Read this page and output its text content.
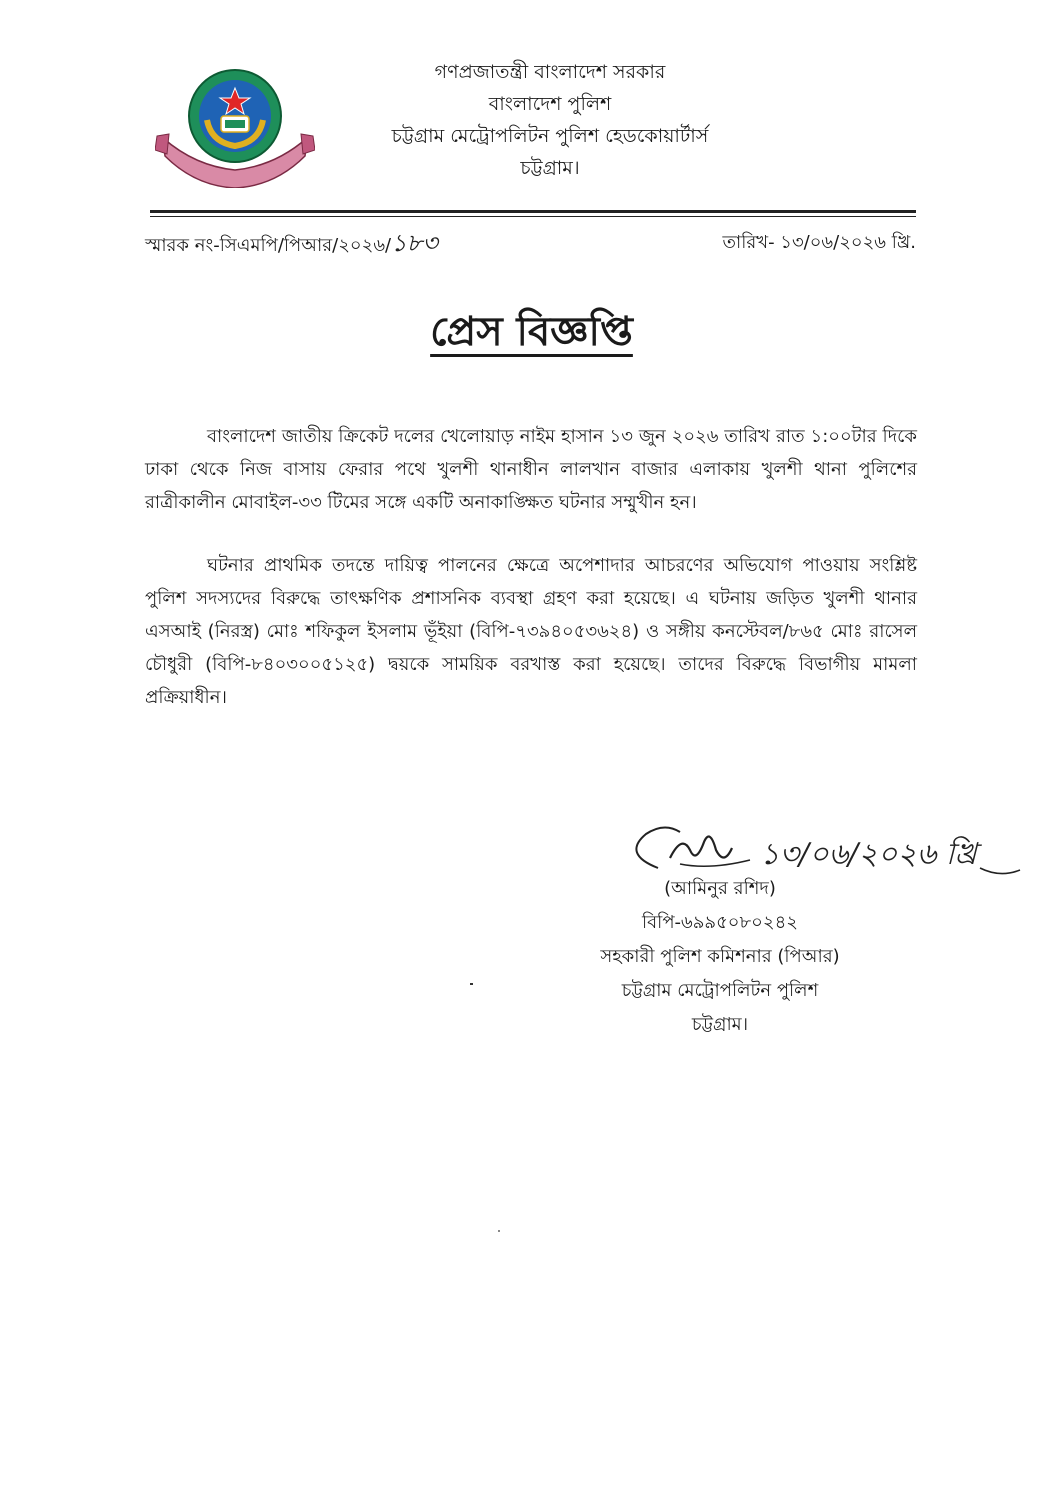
গণপ্রজাতন্ত্রী বাংলাদেশ সরকার
বাংলাদেশ পুলিশ
চট্টগ্রাম মেট্রোপলিটন পুলিশ হেডকোয়ার্টার্স
চট্টগ্রাম।
স্মারক নং-সিএমপি/পিআর/২০২৬/১৮৩	তারিখ- ১৩/০৬/২০২৬ খ্রি.
প্রেস বিজ্ঞপ্তি

বাংলাদেশ জাতীয় ক্রিকেট দলের খেলোয়াড় নাইম হাসান ১৩ জুন ২০২৬ তারিখ রাত ১:০০টার দিকে ঢাকা থেকে নিজ বাসায় ফেরার পথে খুলশী থানাধীন লালখান বাজার এলাকায় খুলশী থানা পুলিশের রাত্রীকালীন মোবাইল-৩৩ টিমের সঙ্গে একটি অনাকাঙ্ক্ষিত ঘটনার সম্মুখীন হন।

ঘটনার প্রাথমিক তদন্তে দায়িত্ব পালনের ক্ষেত্রে অপেশাদার আচরণের অভিযোগ পাওয়ায় সংশ্লিষ্ট পুলিশ সদস্যদের বিরুদ্ধে তাৎক্ষণিক প্রশাসনিক ব্যবস্থা গ্রহণ করা হয়েছে। এ ঘটনায় জড়িত খুলশী থানার এসআই (নিরস্ত্র) মোঃ শফিকুল ইসলাম ভূঁইয়া (বিপি-৭৩৯৪০৫৩৬২৪) ও সঙ্গীয় কনস্টেবল/৮৬৫ মোঃ রাসেল চৌধুরী (বিপি-৮৪০৩০০৫১২৫) দ্বয়কে সাময়িক বরখাস্ত করা হয়েছে। তাদের বিরুদ্ধে বিভাগীয় মামলা প্রক্রিয়াধীন।

১৩/০৬/২০২৬ খ্রি
(আমিনুর রশিদ)
বিপি-৬৯৯৫০৮০২৪২
সহকারী পুলিশ কমিশনার (পিআর)
চট্টগ্রাম মেট্রোপলিটন পুলিশ
চট্টগ্রাম।
